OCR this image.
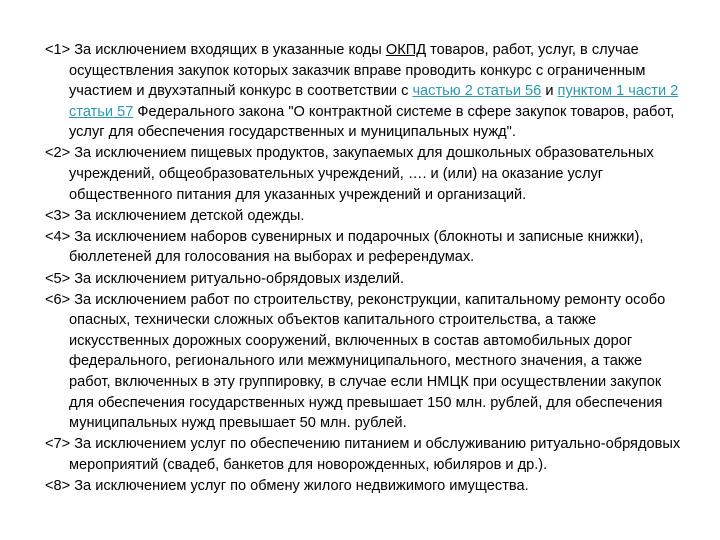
<1> За исключением входящих в указанные коды ОКПД товаров, работ, услуг, в случае осуществления закупок которых заказчик вправе проводить конкурс с ограниченным участием и двухэтапный конкурс в соответствии с частью 2 статьи 56 и пунктом 1 части 2 статьи 57 Федерального закона "О контрактной системе в сфере закупок товаров, работ, услуг для обеспечения государственных и муниципальных нужд".

<2> За исключением пищевых продуктов, закупаемых для дошкольных образовательных учреждений, общеобразовательных учреждений, …. и (или) на оказание услуг общественного питания для указанных учреждений и организаций.

<3> За исключением детской одежды.

<4> За исключением наборов сувенирных и подарочных (блокноты и записные книжки), бюллетеней для голосования на выборах и референдумах.

<5> За исключением ритуально-обрядовых изделий.

<6> За исключением работ по строительству, реконструкции, капитальному ремонту особо опасных, технически сложных объектов капитального строительства, а также искусственных дорожных сооружений, включенных в состав автомобильных дорог федерального, регионального или межмуниципального, местного значения, а также работ, включенных в эту группировку, в случае если НМЦК при осуществлении закупок для обеспечения государственных нужд превышает 150 млн. рублей, для обеспечения муниципальных нужд превышает 50 млн. рублей.

<7> За исключением услуг по обеспечению питанием и обслуживанию ритуально-обрядовых мероприятий (свадеб, банкетов для новорожденных, юбиляров и др.).

<8> За исключением услуг по обмену жилого недвижимого имущества.
